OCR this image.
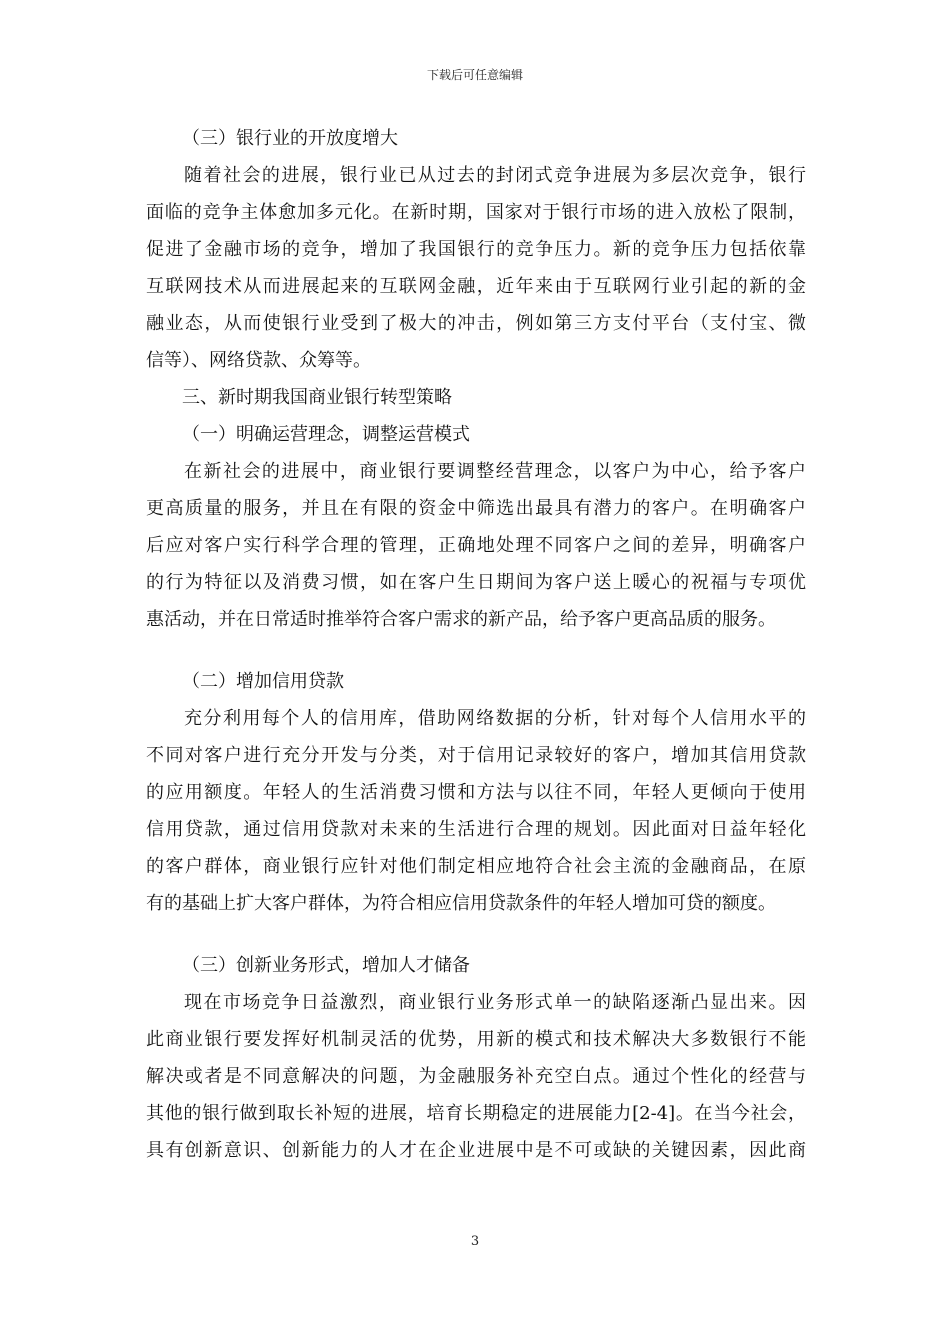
下载后可任意编辑

（三）银行业的开放度增大

随着社会的进展，银行业已从过去的封闭式竞争进展为多层次竞争，银行

面临的竞争主体愈加多元化。在新时期，国家对于银行市场的进入放松了限制，

促进了金融市场的竞争，增加了我国银行的竞争压力。新的竞争压力包括依靠

互联网技术从而进展起来的互联网金融，近年来由于互联网行业引起的新的金

融业态，从而使银行业受到了极大的冲击，例如第三方支付平台（支付宝、微

信等）、网络贷款、众筹等。

三、新时期我国商业银行转型策略

（一）明确运营理念，调整运营模式

在新社会的进展中，商业银行要调整经营理念，以客户为中心，给予客户

更高质量的服务，并且在有限的资金中筛选出最具有潜力的客户。在明确客户

后应对客户实行科学合理的管理，正确地处理不同客户之间的差异，明确客户

的行为特征以及消费习惯，如在客户生日期间为客户送上暖心的祝福与专项优

惠活动，并在日常适时推举符合客户需求的新产品，给予客户更高品质的服务。

（二）增加信用贷款

充分利用每个人的信用库，借助网络数据的分析，针对每个人信用水平的

不同对客户进行充分开发与分类，对于信用记录较好的客户，增加其信用贷款

的应用额度。年轻人的生活消费习惯和方法与以往不同，年轻人更倾向于使用

信用贷款，通过信用贷款对未来的生活进行合理的规划。因此面对日益年轻化

的客户群体，商业银行应针对他们制定相应地符合社会主流的金融商品，在原

有的基础上扩大客户群体，为符合相应信用贷款条件的年轻人增加可贷的额度。

（三）创新业务形式，增加人才储备

现在市场竞争日益激烈，商业银行业务形式单一的缺陷逐渐凸显出来。因

此商业银行要发挥好机制灵活的优势，用新的模式和技术解决大多数银行不能

解决或者是不同意解决的问题，为金融服务补充空白点。通过个性化的经营与

其他的银行做到取长补短的进展，培育长期稳定的进展能力[2-4]。在当今社会，

具有创新意识、创新能力的人才在企业进展中是不可或缺的关键因素，因此商

3
